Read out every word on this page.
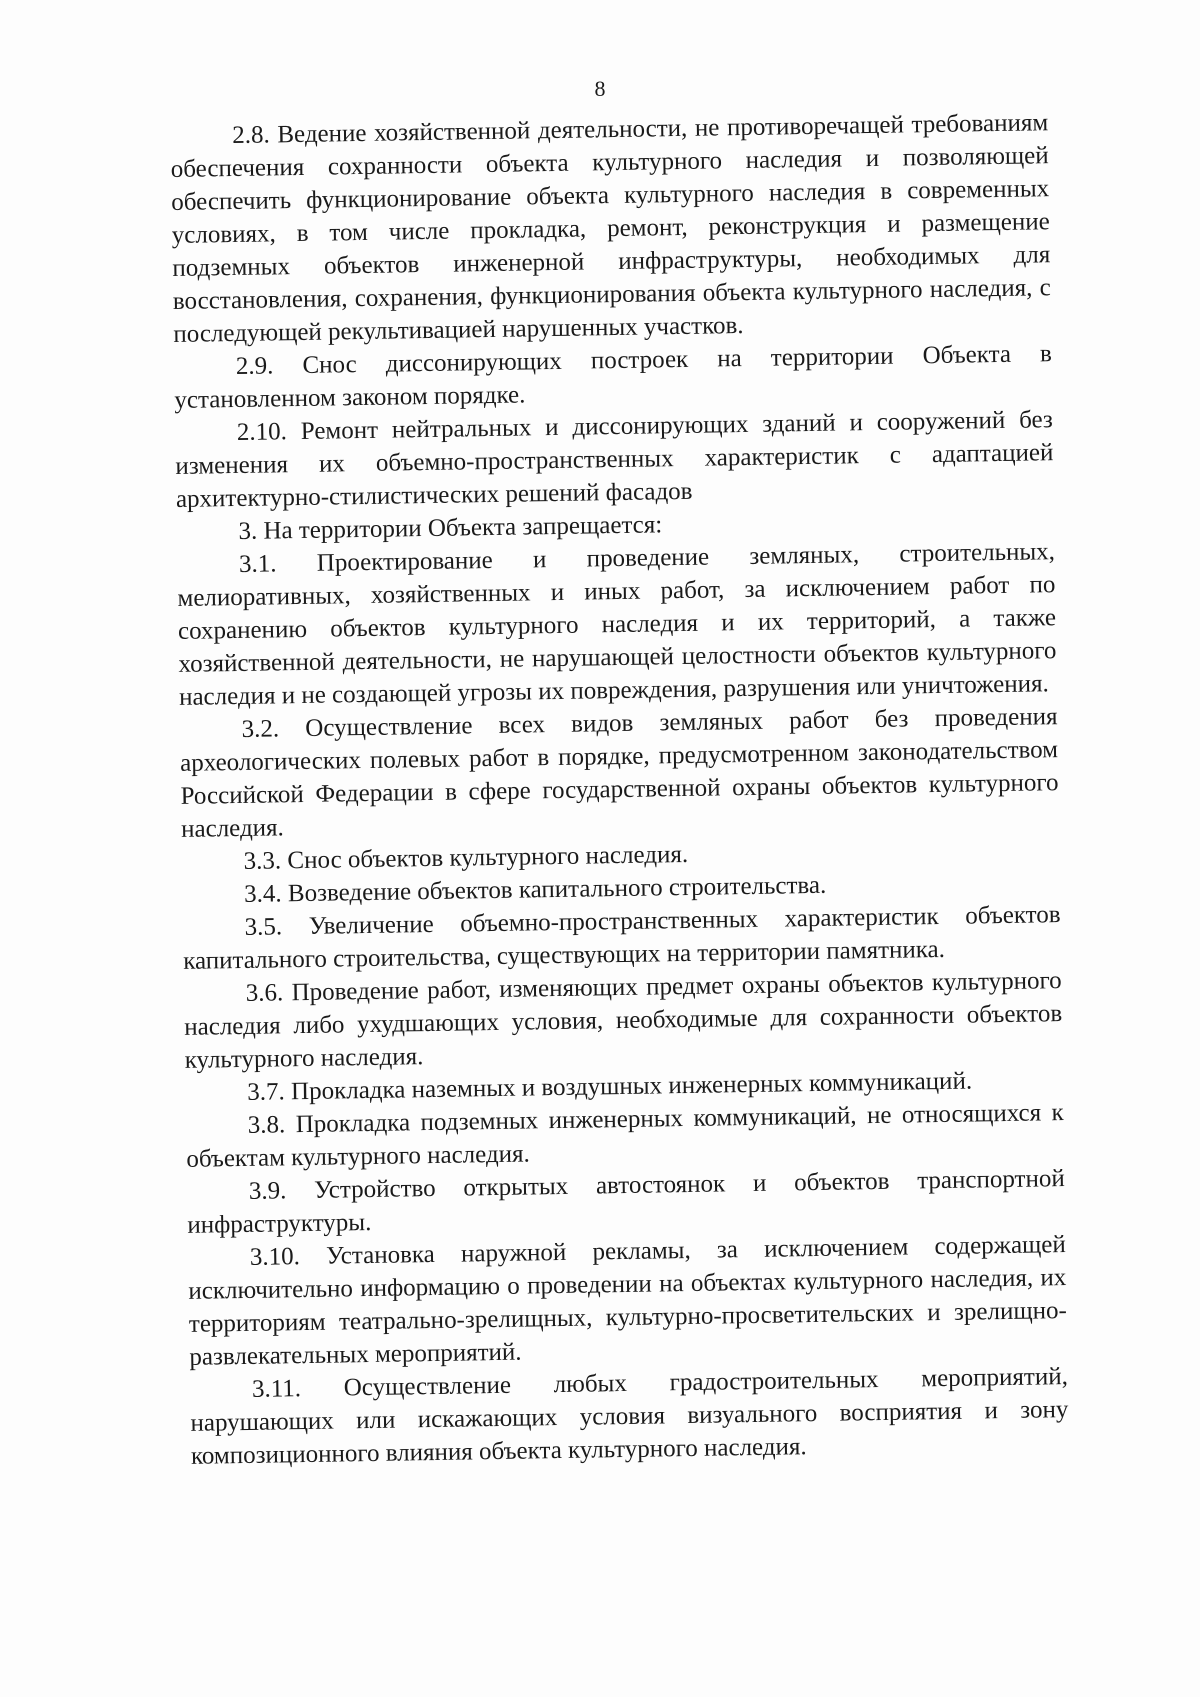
8

2.8. Ведение хозяйственной деятельности, не противоречащей требованиям обеспечения сохранности объекта культурного наследия и позволяющей обеспечить функционирование объекта культурного наследия в современных условиях, в том числе прокладка, ремонт, реконструкция и размещение подземных объектов инженерной инфраструктуры, необходимых для восстановления, сохранения, функционирования объекта культурного наследия, с последующей рекультивацией нарушенных участков.

2.9. Снос диссонирующих построек на территории Объекта в установленном законом порядке.

2.10. Ремонт нейтральных и диссонирующих зданий и сооружений без изменения их объемно-пространственных характеристик с адаптацией архитектурно-стилистических решений фасадов

3. На территории Объекта запрещается:

3.1. Проектирование и проведение земляных, строительных, мелиоративных, хозяйственных и иных работ, за исключением работ по сохранению объектов культурного наследия и их территорий, а также хозяйственной деятельности, не нарушающей целостности объектов культурного наследия и не создающей угрозы их повреждения, разрушения или уничтожения.

3.2. Осуществление всех видов земляных работ без проведения археологических полевых работ в порядке, предусмотренном законодательством Российской Федерации в сфере государственной охраны объектов культурного наследия.

3.3. Снос объектов культурного наследия.

3.4. Возведение объектов капитального строительства.

3.5. Увеличение объемно-пространственных характеристик объектов капитального строительства, существующих на территории памятника.

3.6. Проведение работ, изменяющих предмет охраны объектов культурного наследия либо ухудшающих условия, необходимые для сохранности объектов культурного наследия.

3.7. Прокладка наземных и воздушных инженерных коммуникаций.

3.8. Прокладка подземных инженерных коммуникаций, не относящихся к объектам культурного наследия.

3.9. Устройство открытых автостоянок и объектов транспортной инфраструктуры.

3.10. Установка наружной рекламы, за исключением содержащей исключительно информацию о проведении на объектах культурного наследия, их территориям театрально-зрелищных, культурно-просветительских и зрелищно-развлекательных мероприятий.

3.11. Осуществление любых градостроительных мероприятий, нарушающих или искажающих условия визуального восприятия и зону композиционного влияния объекта культурного наследия.
